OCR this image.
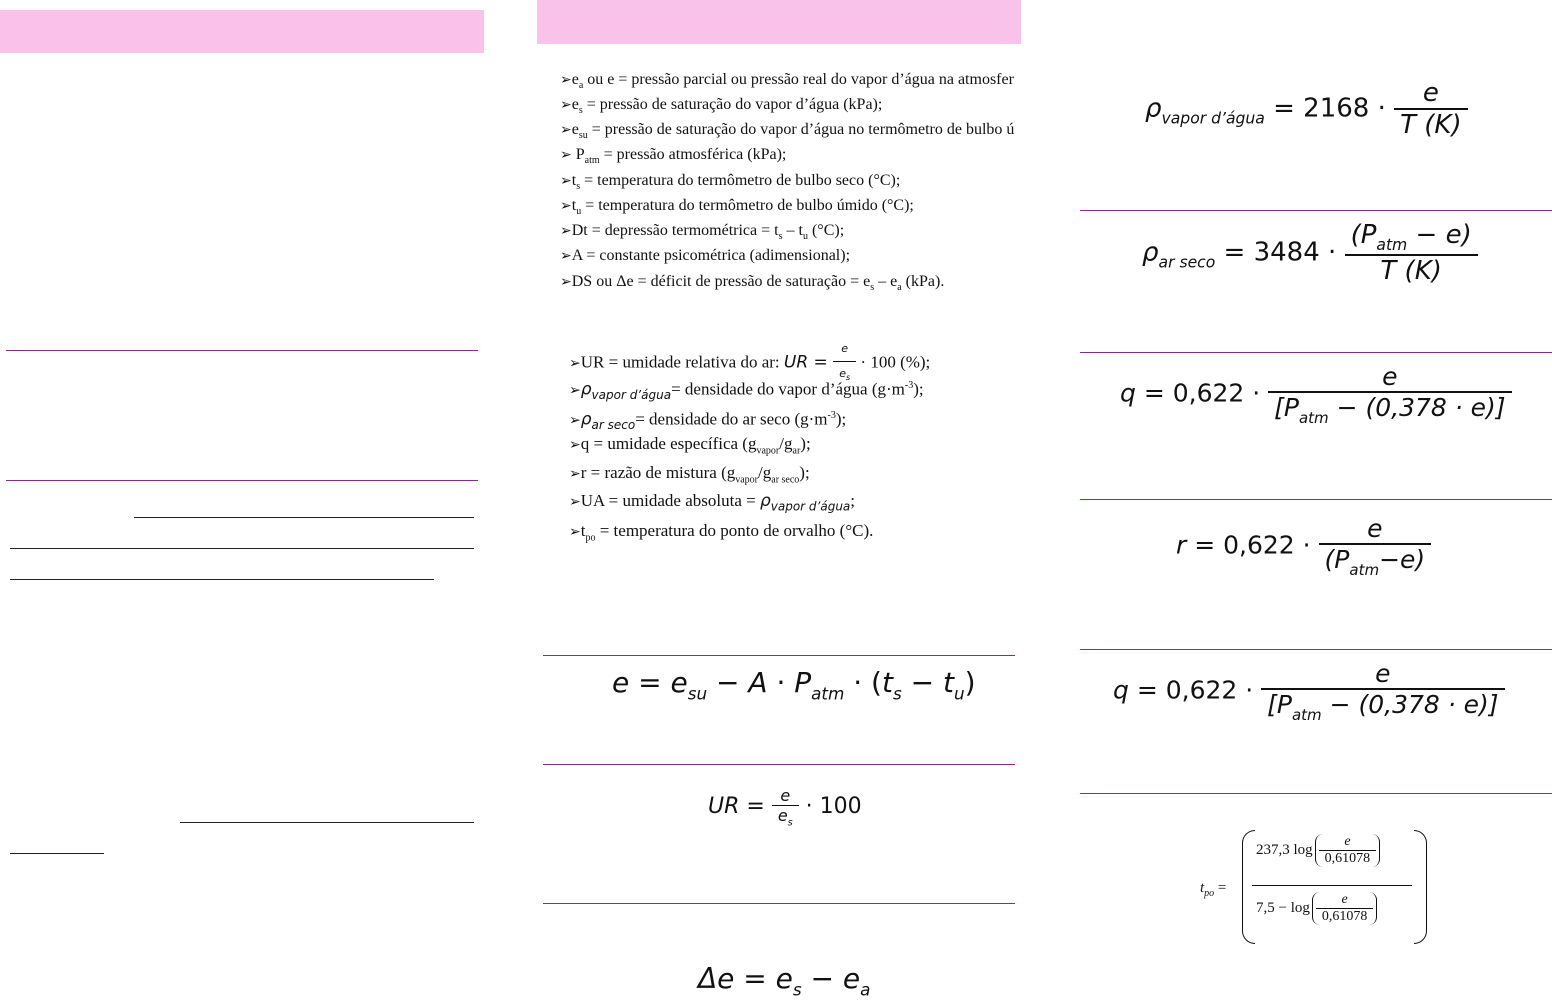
$➢e_a$ ou e = pressão parcial ou pressão real do vapor d’água na atmosfer
$➢e_s$ = pressão de saturação do vapor d’água (kPa);
$➢e_{su}$ = pressão de saturação do vapor d’água no termômetro de bulbo ú
➢ $P_{atm}$ = pressão atmosférica (kPa);
$➢t_s$ = temperatura do termômetro de bulbo seco (°C);
$➢t_u$ = temperatura do termômetro de bulbo úmido (°C);
➢Dt = depressão termométrica = $t_s - t_u$ (°C);
➢A = constante psicométrica (adimensional);
➢DS ou Δe = déficit de pressão de saturação = $e_s - e_a$ (kPa).
➢UR = umidade relativa do ar: UR = $\frac{e}{e_s} \cdot 100$ (%);
$➢\rho_{vapor d’água}=$ densidade do vapor d’água $(g\cdot m^{-3})$;
$➢\rho_{ar seco}=$ densidade do ar seco $(g\cdot m^{-3})$;
➢q = umidade específica $(g_{vapor}/g_{ar})$;
➢r = razão de mistura $(g_{vapor}/g_{ar seco})$;
➢UA = umidade absoluta = $\rho_{vapor d’água}$;
$➢t_{po}$ = temperatura do ponto de orvalho (°C).
$e = e_{su} - A \cdot P_{atm} \cdot (t_s - t_u)$
UR = $\frac{e}{e_s} \cdot 100$
$\Delta e = e_s - e_a$
$\rho_{vapor d’água} = 2168 \cdot \frac{e}{T (K)}$
$\rho_{ar seco} = 3484 \cdot \frac{(P_{atm} - e)}{T (K)}$
$q = 0,622 \cdot \frac{e}{[P_{atm} - (0,378 \cdot e)]}$
$r = 0,622 \cdot \frac{e}{(P_{atm}-e)}$
$q = 0,622 \cdot \frac{e}{[P_{atm} - (0,378 \cdot e)]}$
$t_{po}$ =
237,3 $\log \frac{e}{0,61078}$
$7,5 - \log \frac{e}{0,61078}$
